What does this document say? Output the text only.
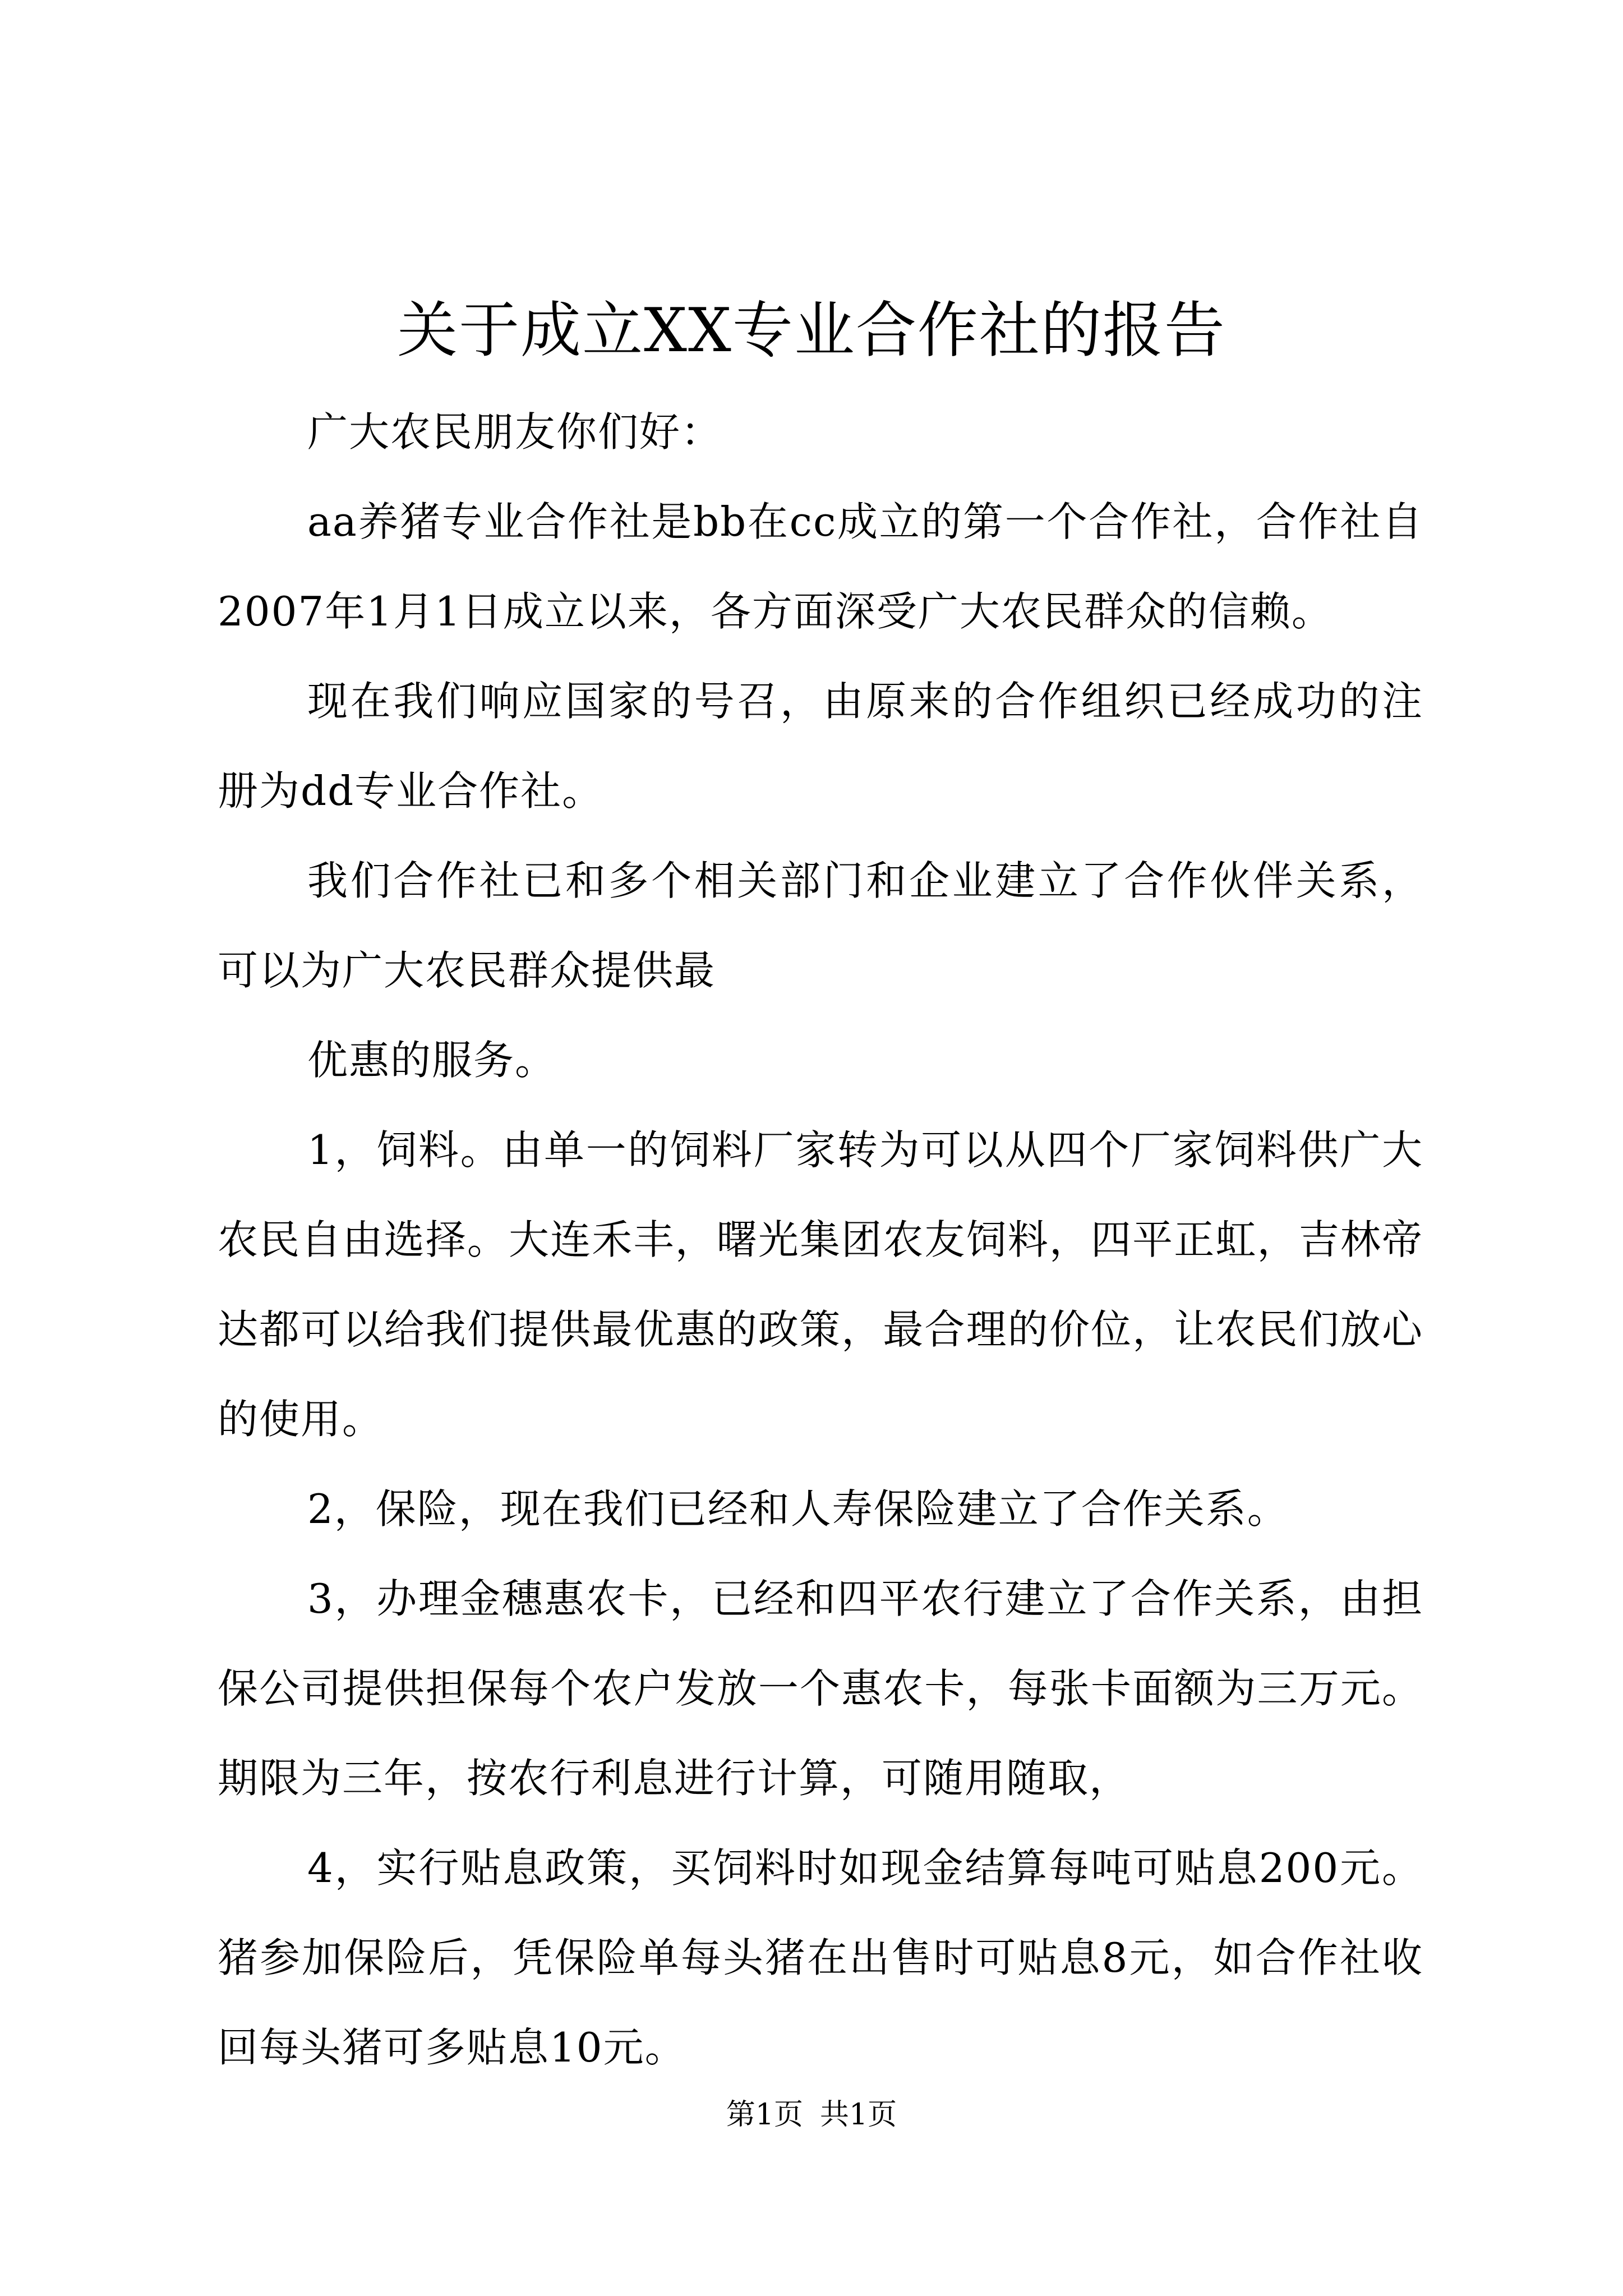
关于成立XX专业合作社的报告

广大农民朋友你们好：

aa养猪专业合作社是bb在cc成立的第一个合作社，合作社自2007年1月1日成立以来，各方面深受广大农民群众的信赖。

现在我们响应国家的号召，由原来的合作组织已经成功的注册为dd专业合作社。

我们合作社已和多个相关部门和企业建立了合作伙伴关系，可以为广大农民群众提供最

优惠的服务。

1，饲料。由单一的饲料厂家转为可以从四个厂家饲料供广大农民自由选择。大连禾丰，曙光集团农友饲料，四平正虹，吉林帝达都可以给我们提供最优惠的政策，最合理的价位，让农民们放心的使用。

2，保险，现在我们已经和人寿保险建立了合作关系。

3，办理金穗惠农卡，已经和四平农行建立了合作关系，由担保公司提供担保每个农户发放一个惠农卡，每张卡面额为三万元。期限为三年，按农行利息进行计算，可随用随取，

4，实行贴息政策，买饲料时如现金结算每吨可贴息200元。猪参加保险后，凭保险单每头猪在出售时可贴息8元，如合作社收回每头猪可多贴息10元。

第1页 共1页
